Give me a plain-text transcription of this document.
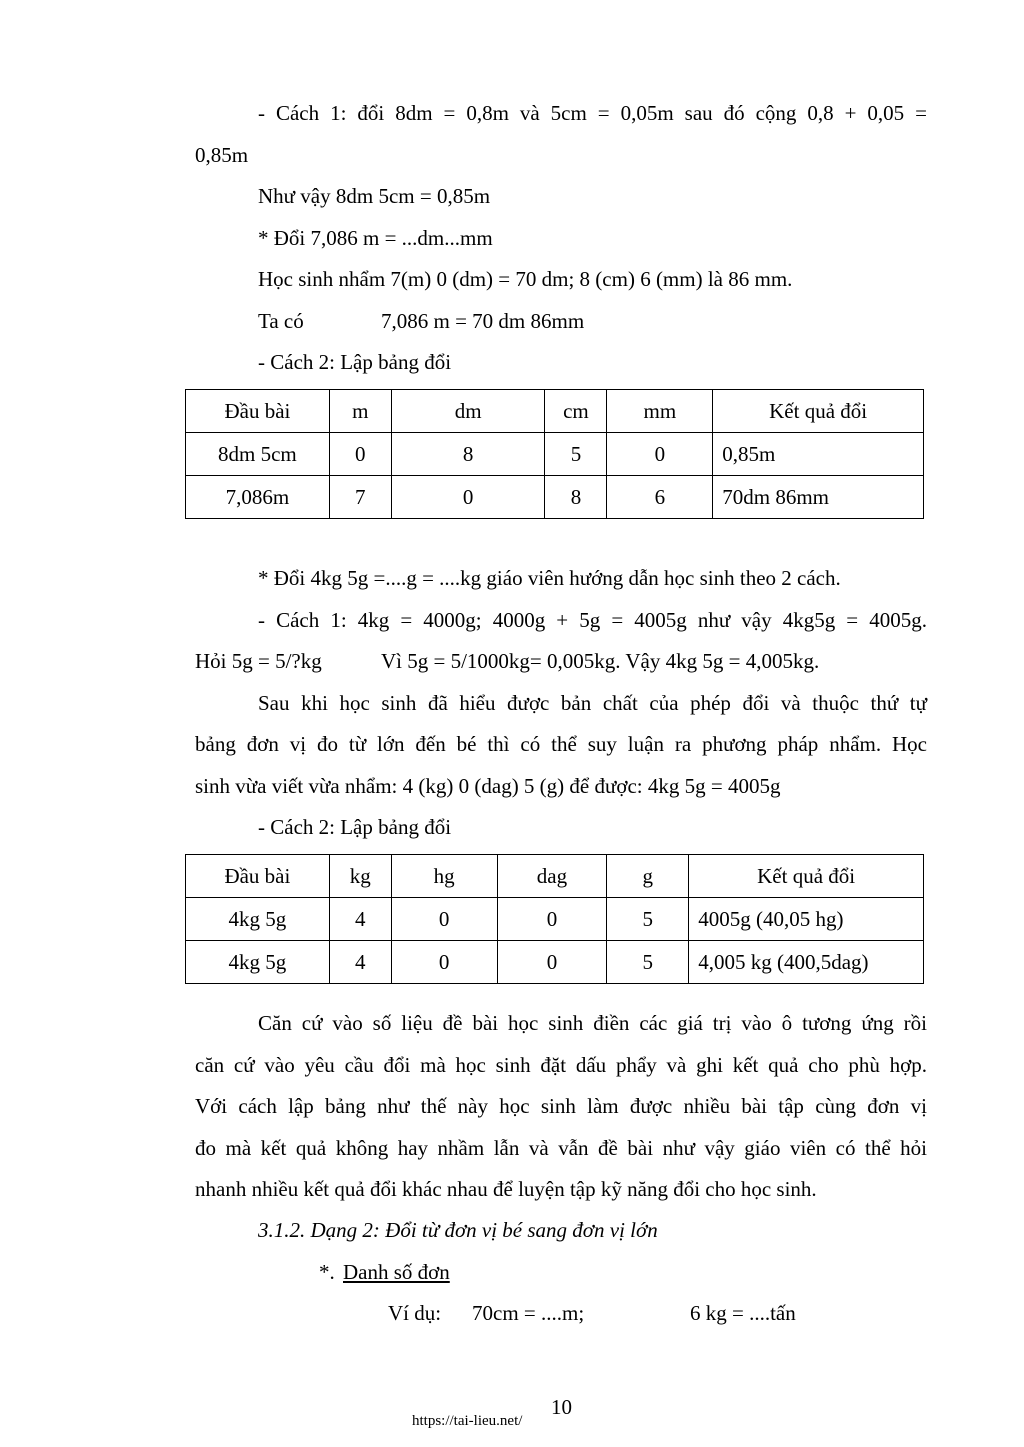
- Cách 1: đổi 8dm = 0,8m và 5cm = 0,05m sau đó cộng 0,8 + 0,05 =
0,85m
Như vậy 8dm 5cm = 0,85m
* Đổi 7,086 m = ...dm...mm
Học sinh nhẩm 7(m) 0 (dm) = 70 dm; 8 (cm) 6 (mm) là 86 mm.
Ta có	7,086 m = 70 dm 86mm
- Cách 2: Lập bảng đổi
Đầu bài	m	dm	cm	mm	Kết quả đổi
8dm 5cm	0	8	5	0	0,85m
7,086m	7	0	8	6	70dm 86mm
* Đổi 4kg 5g =....g = ....kg giáo viên hướng dẫn học sinh theo 2 cách.
- Cách 1: 4kg = 4000g; 4000g + 5g = 4005g như vậy 4kg5g = 4005g.
Hỏi 5g = 5/?kg	Vì 5g = 5/1000kg= 0,005kg. Vậy 4kg 5g = 4,005kg.
Sau khi học sinh đã hiểu được bản chất của phép đổi và thuộc thứ tự
bảng đơn vị đo từ lớn đến bé thì có thể suy luận ra phương pháp nhẩm. Học
sinh vừa viết vừa nhẩm: 4 (kg) 0 (dag) 5 (g) để được: 4kg 5g = 4005g
- Cách 2: Lập bảng đổi
Đầu bài	kg	hg	dag	g	Kết quả đổi
4kg 5g	4	0	0	5	4005g (40,05 hg)
4kg 5g	4	0	0	5	4,005 kg (400,5dag)
Căn cứ vào số liệu đề bài học sinh điền các giá trị vào ô tương ứng rồi
căn cứ vào yêu cầu đổi mà học sinh đặt dấu phẩy và ghi kết quả cho phù hợp.
Với cách lập bảng như thế này học sinh làm được nhiều bài tập cùng đơn vị
đo mà kết quả không hay nhầm lẫn và vẫn đề bài như vậy giáo viên có thể hỏi
nhanh nhiều kết quả đổi khác nhau để luyện tập kỹ năng đổi cho học sinh.
3.1.2. Dạng 2: Đổi từ đơn vị bé sang đơn vị lớn
*. Danh số đơn
Ví dụ: 70cm = ....m;	6 kg = ....tấn
10
https://tai-lieu.net/
